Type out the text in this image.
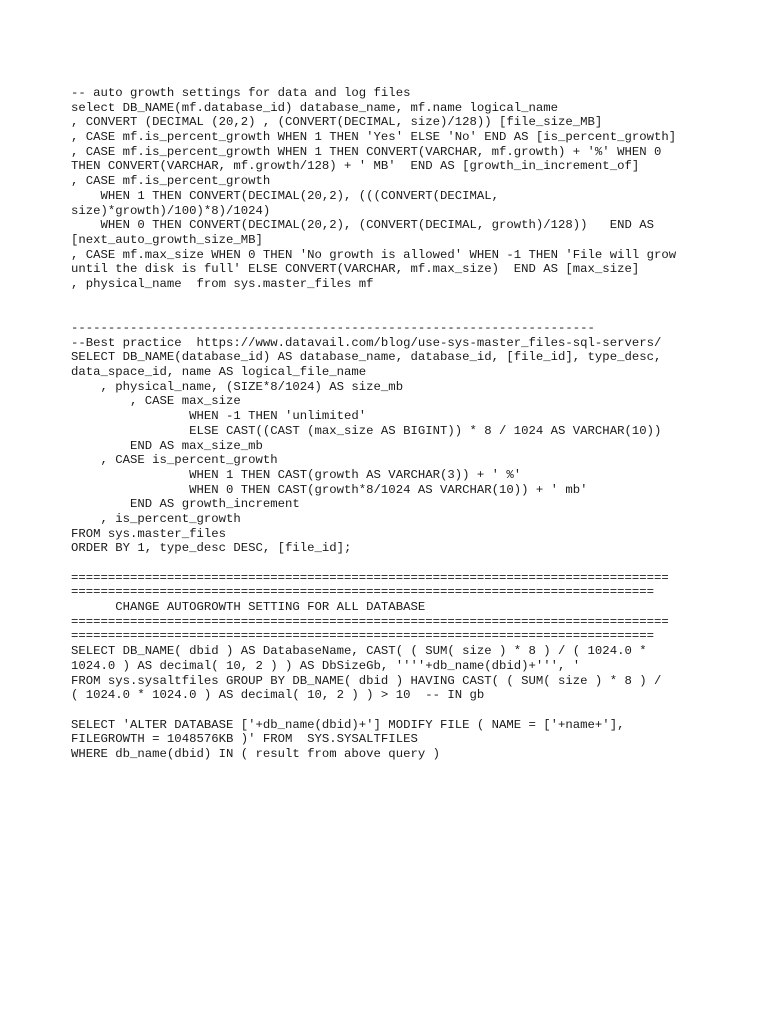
-- auto growth settings for data and log files
select DB_NAME(mf.database_id) database_name, mf.name logical_name
, CONVERT (DECIMAL (20,2) , (CONVERT(DECIMAL, size)/128)) [file_size_MB]
, CASE mf.is_percent_growth WHEN 1 THEN 'Yes' ELSE 'No' END AS [is_percent_growth]
, CASE mf.is_percent_growth WHEN 1 THEN CONVERT(VARCHAR, mf.growth) + '%' WHEN 0
THEN CONVERT(VARCHAR, mf.growth/128) + ' MB'  END AS [growth_in_increment_of]
, CASE mf.is_percent_growth
WHEN 1 THEN CONVERT(DECIMAL(20,2), (((CONVERT(DECIMAL,
size)*growth)/100)*8)/1024)
WHEN 0 THEN CONVERT(DECIMAL(20,2), (CONVERT(DECIMAL, growth)/128))   END AS
[next_auto_growth_size_MB]
, CASE mf.max_size WHEN 0 THEN 'No growth is allowed' WHEN -1 THEN 'File will grow
until the disk is full' ELSE CONVERT(VARCHAR, mf.max_size)  END AS [max_size]
, physical_name  from sys.master_files mf
-----------------------------------------------------------------------
--Best practice  https://www.datavail.com/blog/use-sys-master_files-sql-servers/
SELECT DB_NAME(database_id) AS database_name, database_id, [file_id], type_desc,
data_space_id, name AS logical_file_name
, physical_name, (SIZE*8/1024) AS size_mb
, CASE max_size
WHEN -1 THEN 'unlimited'
ELSE CAST((CAST (max_size AS BIGINT)) * 8 / 1024 AS VARCHAR(10))
END AS max_size_mb
, CASE is_percent_growth
WHEN 1 THEN CAST(growth AS VARCHAR(3)) + ' %'
WHEN 0 THEN CAST(growth*8/1024 AS VARCHAR(10)) + ' mb'
END AS growth_increment
, is_percent_growth
FROM sys.master_files
ORDER BY 1, type_desc DESC, [file_id];
=================================================================================
===============================================================================
CHANGE AUTOGROWTH SETTING FOR ALL DATABASE
=================================================================================
===============================================================================
SELECT DB_NAME( dbid ) AS DatabaseName, CAST( ( SUM( size ) * 8 ) / ( 1024.0 *
1024.0 ) AS decimal( 10, 2 ) ) AS DbSizeGb, ''''+db_name(dbid)+''', '
FROM sys.sysaltfiles GROUP BY DB_NAME( dbid ) HAVING CAST( ( SUM( size ) * 8 ) /
( 1024.0 * 1024.0 ) AS decimal( 10, 2 ) ) > 10  -- IN gb
SELECT 'ALTER DATABASE ['+db_name(dbid)+'] MODIFY FILE ( NAME = ['+name+'],
FILEGROWTH = 1048576KB )' FROM  SYS.SYSALTFILES
WHERE db_name(dbid) IN ( result from above query )
